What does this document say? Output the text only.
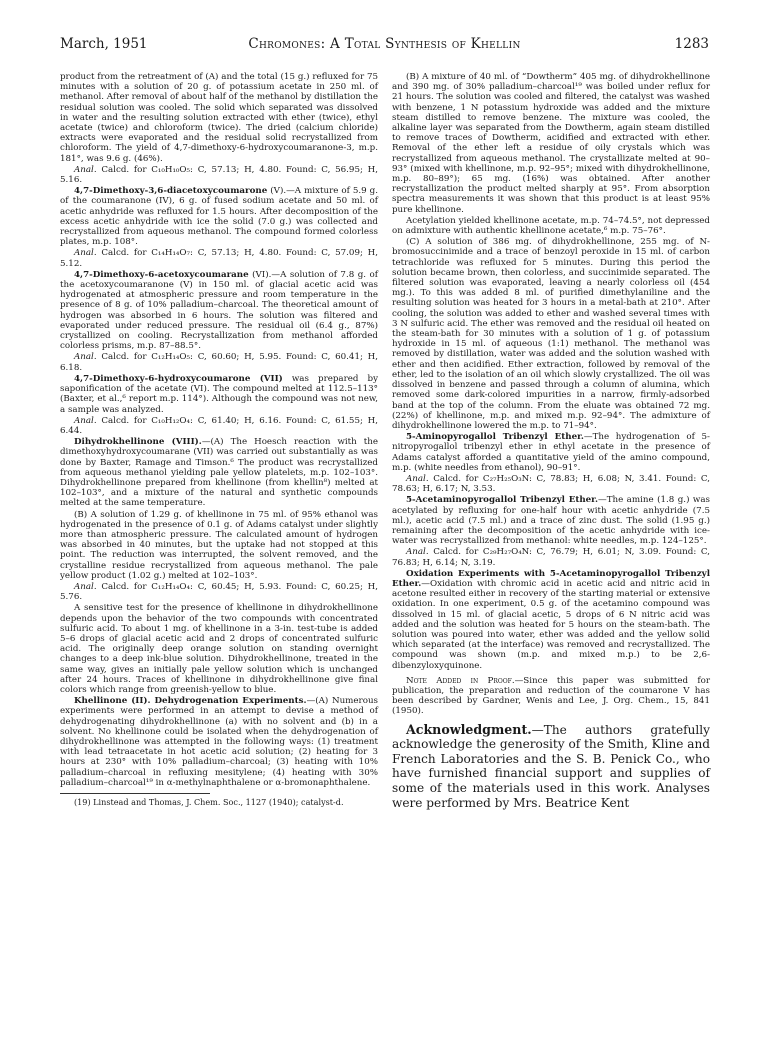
March, 1951	Chromones: A Total Synthesis of Khellin	1283

product from the retreatment of (A) and the total (15 g.) refluxed for 75 minutes with a solution of 20 g. of potassium acetate in 250 ml. of methanol. After removal of about half of the methanol by distillation the residual solution was cooled. The solid which separated was dissolved in water and the resulting solution extracted with ether (twice), ethyl acetate (twice) and chloroform (twice). The dried (calcium chloride) extracts were evaporated and the residual solid recrystallized from chloroform. The yield of 4,7-dimethoxy-6-hydroxycoumaranone-3, m.p. 181°, was 9.6 g. (46%).

Anal. Calcd. for C₁₀H₁₀O₅: C, 57.13; H, 4.80. Found: C, 56.95; H, 5.16.

4,7-Dimethoxy-3,6-diacetoxycoumarone (V).—A mixture of 5.9 g. of the coumaranone (IV), 6 g. of fused sodium acetate and 50 ml. of acetic anhydride was refluxed for 1.5 hours. After decomposition of the excess acetic anhydride with ice the solid (7.0 g.) was collected and recrystallized from aqueous methanol. The compound formed colorless plates, m.p. 108°.

Anal. Calcd. for C₁₄H₁₄O₇: C, 57.13; H, 4.80. Found: C, 57.09; H, 5.12.

4,7-Dimethoxy-6-acetoxycoumarane (VI).—A solution of 7.8 g. of the acetoxycoumaranone (V) in 150 ml. of glacial acetic acid was hydrogenated at atmospheric pressure and room temperature in the presence of 8 g. of 10% palladium–charcoal. The theoretical amount of hydrogen was absorbed in 6 hours. The solution was filtered and evaporated under reduced pressure. The residual oil (6.4 g., 87%) crystallized on cooling. Recrystallization from methanol afforded colorless prisms, m.p. 87–88.5°.

Anal. Calcd. for C₁₂H₁₄O₅: C, 60.60; H, 5.95. Found: C, 60.41; H, 6.18.

4,7-Dimethoxy-6-hydroxycoumarone (VII) was prepared by saponification of the acetate (VI). The compound melted at 112.5–113° (Baxter, et al.,⁶ report m.p. 114°). Although the compound was not new, a sample was analyzed.

Anal. Calcd. for C₁₀H₁₂O₄: C, 61.40; H, 6.16. Found: C, 61.55; H, 6.44.

Dihydrokhellinone (VIII).—(A) The Hoesch reaction with the dimethoxyhydroxycoumarane (VII) was carried out substantially as was done by Baxter, Ramage and Timson.⁶ The product was recrystallized from aqueous methanol yielding pale yellow platelets, m.p. 102–103°. Dihydrokhellinone prepared from khellinone (from khellin⁸) melted at 102–103°, and a mixture of the natural and synthetic compounds melted at the same temperature.

(B) A solution of 1.29 g. of khellinone in 75 ml. of 95% ethanol was hydrogenated in the presence of 0.1 g. of Adams catalyst under slightly more than atmospheric pressure. The calculated amount of hydrogen was absorbed in 40 minutes, but the uptake had not stopped at this point. The reduction was interrupted, the solvent removed, and the crystalline residue recrystallized from aqueous methanol. The pale yellow product (1.02 g.) melted at 102–103°.

Anal. Calcd. for C₁₂H₁₄O₄: C, 60.45; H, 5.93. Found: C, 60.25; H, 5.76.

A sensitive test for the presence of khellinone in dihydrokhellinone depends upon the behavior of the two compounds with concentrated sulfuric acid. To about 1 mg. of khellinone in a 3-in. test-tube is added 5–6 drops of glacial acetic acid and 2 drops of concentrated sulfuric acid. The originally deep orange solution on standing overnight changes to a deep ink-blue solution. Dihydrokhellinone, treated in the same way, gives an initially pale yellow solution which is unchanged after 24 hours. Traces of khellinone in dihydrokhellinone give final colors which range from greenish-yellow to blue.

Khellinone (II). Dehydrogenation Experiments.—(A) Numerous experiments were performed in an attempt to devise a method of dehydrogenating dihydrokhellinone (a) with no solvent and (b) in a solvent. No khellinone could be isolated when the dehydrogenation of dihydrokhellinone was attempted in the following ways: (1) treatment with lead tetraacetate in hot acetic acid solution; (2) heating for 3 hours at 230° with 10% palladium–charcoal; (3) heating with 10% palladium–charcoal in refluxing mesitylene; (4) heating with 30% palladium–charcoal¹⁹ in α-methylnaphthalene or α-bromonaphthalene.

(19) Linstead and Thomas, J. Chem. Soc., 1127 (1940); catalyst-d.

(B) A mixture of 40 ml. of “Dowtherm” 405 mg. of dihydrokhellinone and 390 mg. of 30% palladium–charcoal¹⁹ was boiled under reflux for 21 hours. The solution was cooled and filtered, the catalyst was washed with benzene, 1 N potassium hydroxide was added and the mixture steam distilled to remove benzene. The mixture was cooled, the alkaline layer was separated from the Dowtherm, again steam distilled to remove traces of Dowtherm, acidified and extracted with ether. Removal of the ether left a residue of oily crystals which was recrystallized from aqueous methanol. The crystallizate melted at 90–93° (mixed with khellinone, m.p. 92–95°; mixed with dihydrokhellinone, m.p. 80–89°); 65 mg. (16%) was obtained. After another recrystallization the product melted sharply at 95°. From absorption spectra measurements it was shown that this product is at least 95% pure khellinone.

Acetylation yielded khellinone acetate, m.p. 74–74.5°, not depressed on admixture with authentic khellinone acetate,⁶ m.p. 75–76°.

(C) A solution of 386 mg. of dihydrokhellinone, 255 mg. of N-bromosuccinimide and a trace of benzoyl peroxide in 15 ml. of carbon tetrachloride was refluxed for 5 minutes. During this period the solution became brown, then colorless, and succinimide separated. The filtered solution was evaporated, leaving a nearly colorless oil (454 mg.). To this was added 8 ml. of purified dimethylaniline and the resulting solution was heated for 3 hours in a metal-bath at 210°. After cooling, the solution was added to ether and washed several times with 3 N sulfuric acid. The ether was removed and the residual oil heated on the steam-bath for 30 minutes with a solution of 1 g. of potassium hydroxide in 15 ml. of aqueous (1:1) methanol. The methanol was removed by distillation, water was added and the solution washed with ether and then acidified. Ether extraction, followed by removal of the ether, led to the isolation of an oil which slowly crystallized. The oil was dissolved in benzene and passed through a column of alumina, which removed some dark-colored impurities in a narrow, firmly-adsorbed band at the top of the column. From the eluate was obtained 72 mg. (22%) of khellinone, m.p. and mixed m.p. 92–94°. The admixture of dihydrokhellinone lowered the m.p. to 71–94°.

5-Aminopyrogallol Tribenzyl Ether.—The hydrogenation of 5-nitropyrogallol tribenzyl ether in ethyl acetate in the presence of Adams catalyst afforded a quantitative yield of the amino compound, m.p. (white needles from ethanol), 90–91°.

Anal. Calcd. for C₂₇H₂₅O₃N: C, 78.83; H, 6.08; N, 3.41. Found: C, 78.63; H, 6.17; N, 3.53.

5-Acetaminopyrogallol Tribenzyl Ether.—The amine (1.8 g.) was acetylated by refluxing for one-half hour with acetic anhydride (7.5 ml.), acetic acid (7.5 ml.) and a trace of zinc dust. The solid (1.95 g.) remaining after the decomposition of the acetic anhydride with ice-water was recrystallized from methanol: white needles, m.p. 124–125°.

Anal. Calcd. for C₂₉H₂₇O₄N: C, 76.79; H, 6.01; N, 3.09. Found: C, 76.83; H, 6.14; N, 3.19.

Oxidation Experiments with 5-Acetaminopyrogallol Tribenzyl Ether.—Oxidation with chromic acid in acetic acid and nitric acid in acetone resulted either in recovery of the starting material or extensive oxidation. In one experiment, 0.5 g. of the acetamino compound was dissolved in 15 ml. of glacial acetic, 5 drops of 6 N nitric acid was added and the solution was heated for 5 hours on the steam-bath. The solution was poured into water, ether was added and the yellow solid which separated (at the interface) was removed and recrystallized. The compound was shown (m.p. and mixed m.p.) to be 2,6-dibenzyloxyquinone.

Note Added in Proof.—Since this paper was submitted for publication, the preparation and reduction of the coumarone V has been described by Gardner, Wenis and Lee, J. Org. Chem., 15, 841 (1950).

Acknowledgment.—The authors gratefully acknowledge the generosity of the Smith, Kline and French Laboratories and the S. B. Penick Co., who have furnished financial support and supplies of some of the materials used in this work. Analyses were performed by Mrs. Beatrice Kent
